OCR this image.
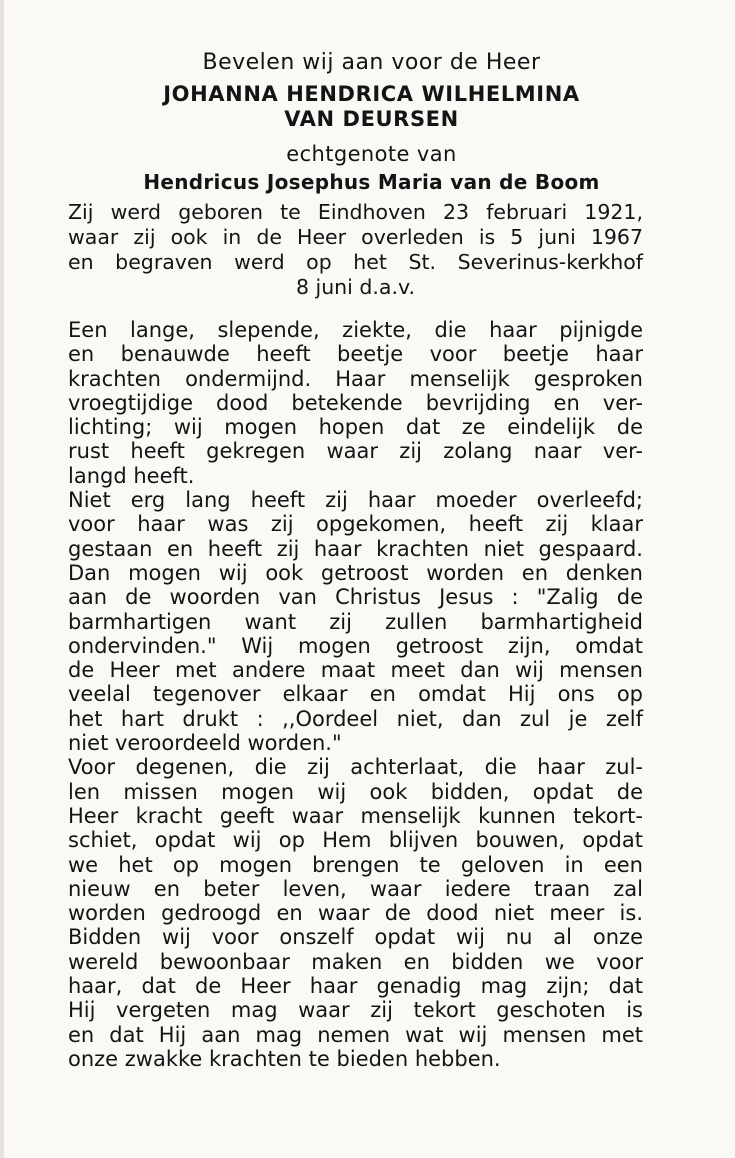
Bevelen wij aan voor de Heer
JOHANNA HENDRICA WILHELMINA
VAN DEURSEN
echtgenote van
Hendricus Josephus Maria van de Boom
Zij werd geboren te Eindhoven 23 februari 1921,
waar zij ook in de Heer overleden is 5 juni 1967
en begraven werd op het St. Severinus-kerkhof
8 juni d.a.v.
Een lange, slepende, ziekte, die haar pijnigde
en benauwde heeft beetje voor beetje haar
krachten ondermijnd. Haar menselijk gesproken
vroegtijdige dood betekende bevrijding en ver-
lichting; wij mogen hopen dat ze eindelijk de
rust heeft gekregen waar zij zolang naar ver-
langd heeft.
Niet erg lang heeft zij haar moeder overleefd;
voor haar was zij opgekomen, heeft zij klaar
gestaan en heeft zij haar krachten niet gespaard.
Dan mogen wij ook getroost worden en denken
aan de woorden van Christus Jesus : "Zalig de
barmhartigen want zij zullen barmhartigheid
ondervinden." Wij mogen getroost zijn, omdat
de Heer met andere maat meet dan wij mensen
veelal tegenover elkaar en omdat Hij ons op
het hart drukt : ,,Oordeel niet, dan zul je zelf
niet veroordeeld worden."
Voor degenen, die zij achterlaat, die haar zul-
len missen mogen wij ook bidden, opdat de
Heer kracht geeft waar menselijk kunnen tekort-
schiet, opdat wij op Hem blijven bouwen, opdat
we het op mogen brengen te geloven in een
nieuw en beter leven, waar iedere traan zal
worden gedroogd en waar de dood niet meer is.
Bidden wij voor onszelf opdat wij nu al onze
wereld bewoonbaar maken en bidden we voor
haar, dat de Heer haar genadig mag zijn; dat
Hij vergeten mag waar zij tekort geschoten is
en dat Hij aan mag nemen wat wij mensen met
onze zwakke krachten te bieden hebben.
